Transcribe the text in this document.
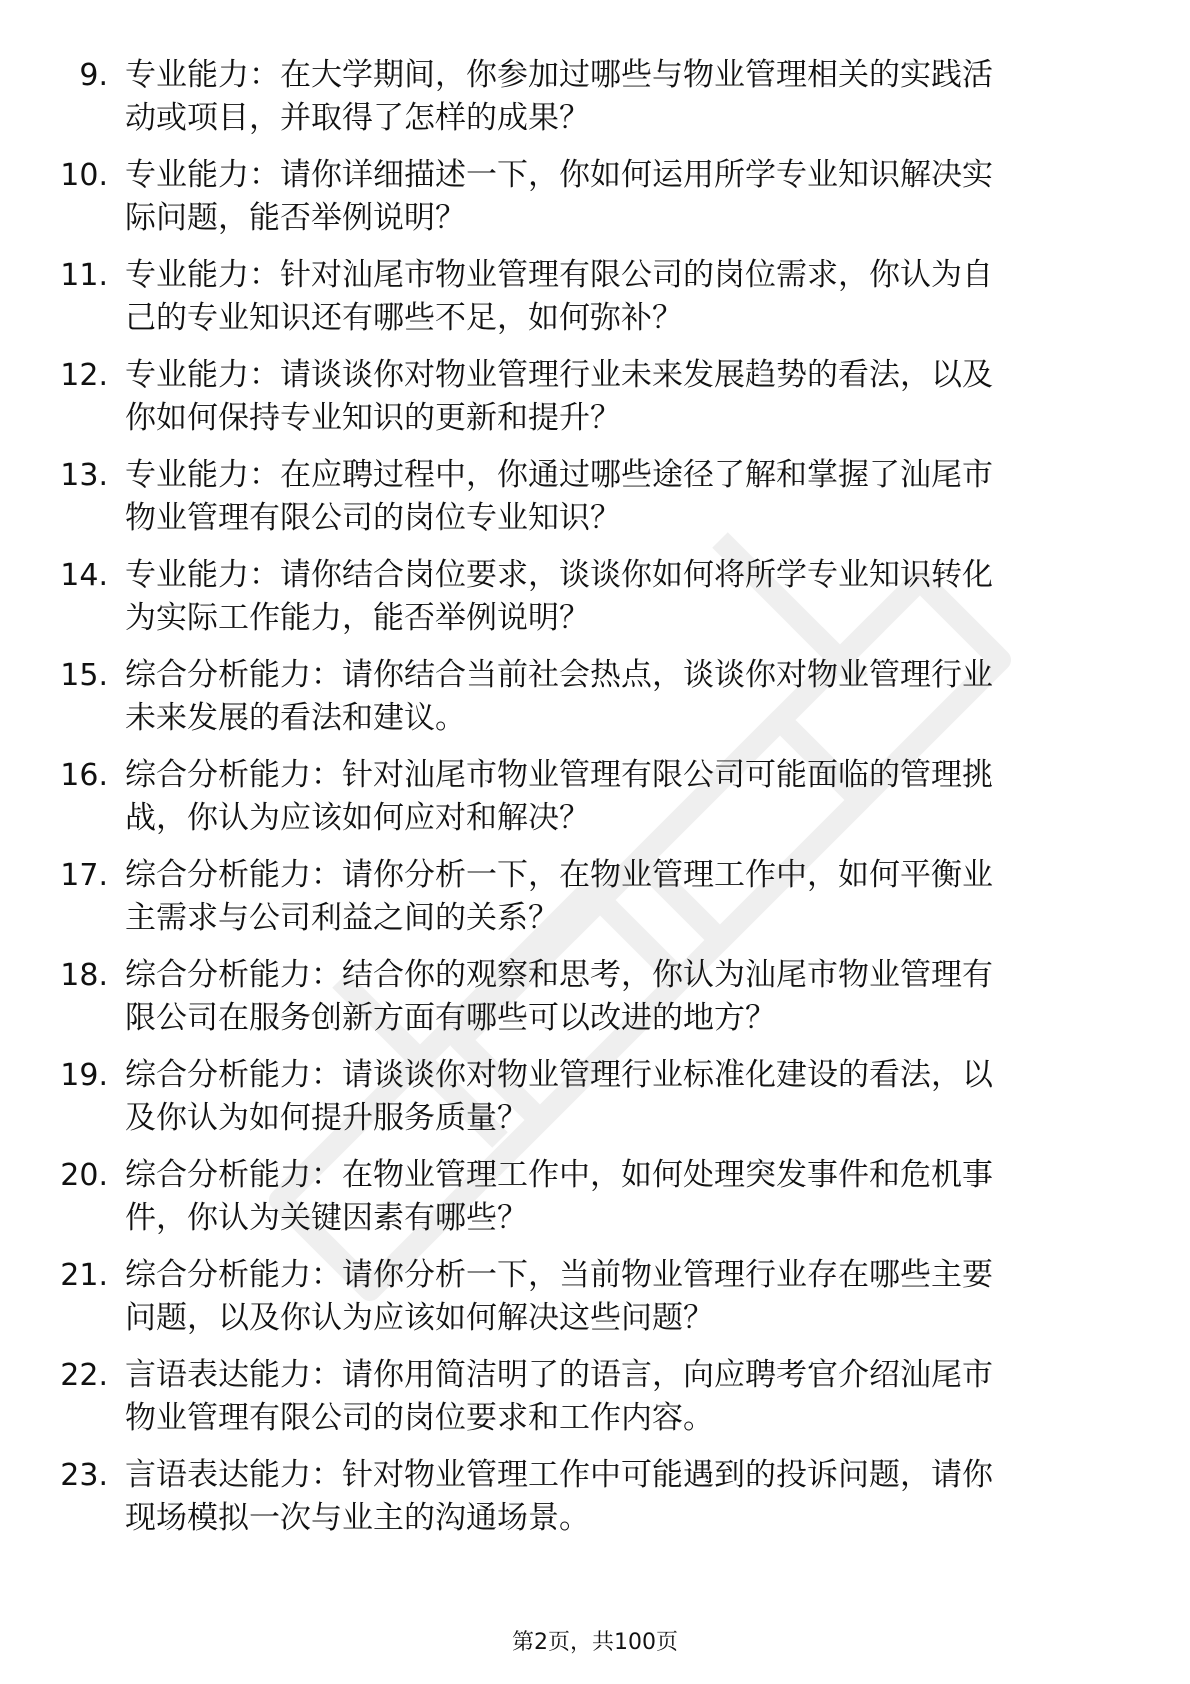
9. 专业能力：在大学期间，你参加过哪些与物业管理相关的实践活
动或项目，并取得了怎样的成果？
10. 专业能力：请你详细描述一下，你如何运用所学专业知识解决实
际问题，能否举例说明？
11. 专业能力：针对汕尾市物业管理有限公司的岗位需求，你认为自
己的专业知识还有哪些不足，如何弥补？
12. 专业能力：请谈谈你对物业管理行业未来发展趋势的看法，以及
你如何保持专业知识的更新和提升？
13. 专业能力：在应聘过程中，你通过哪些途径了解和掌握了汕尾市
物业管理有限公司的岗位专业知识？
14. 专业能力：请你结合岗位要求，谈谈你如何将所学专业知识转化
为实际工作能力，能否举例说明？
15. 综合分析能力：请你结合当前社会热点，谈谈你对物业管理行业
未来发展的看法和建议。
16. 综合分析能力：针对汕尾市物业管理有限公司可能面临的管理挑
战，你认为应该如何应对和解决？
17. 综合分析能力：请你分析一下，在物业管理工作中，如何平衡业
主需求与公司利益之间的关系？
18. 综合分析能力：结合你的观察和思考，你认为汕尾市物业管理有
限公司在服务创新方面有哪些可以改进的地方？
19. 综合分析能力：请谈谈你对物业管理行业标准化建设的看法，以
及你认为如何提升服务质量？
20. 综合分析能力：在物业管理工作中，如何处理突发事件和危机事
件，你认为关键因素有哪些？
21. 综合分析能力：请你分析一下，当前物业管理行业存在哪些主要
问题，以及你认为应该如何解决这些问题？
22. 言语表达能力：请你用简洁明了的语言，向应聘考官介绍汕尾市
物业管理有限公司的岗位要求和工作内容。
23. 言语表达能力：针对物业管理工作中可能遇到的投诉问题，请你
现场模拟一次与业主的沟通场景。
第2页，共100页
